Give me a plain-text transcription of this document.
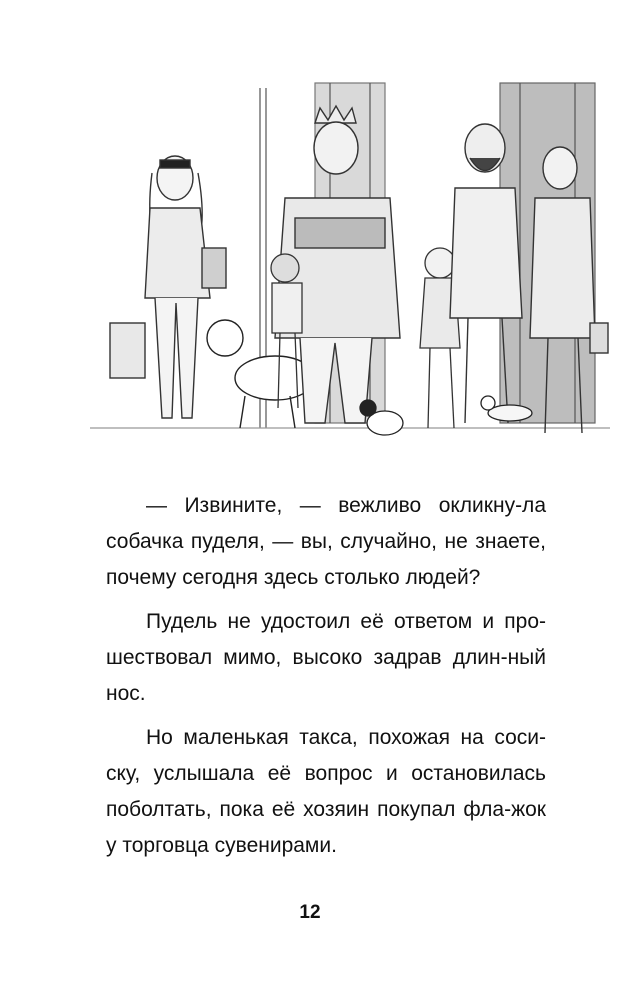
— Извините, — вежливо окликну-ла собачка пуделя, — вы, случайно, не знаете, почему сегодня здесь столько людей?

Пудель не удостоил её ответом и про-шествовал мимо, высоко задрав длин-ный нос.

Но маленькая такса, похожая на соси-ску, услышала её вопрос и остановилась поболтать, пока её хозяин покупал фла-жок у торговца сувенирами.

12
